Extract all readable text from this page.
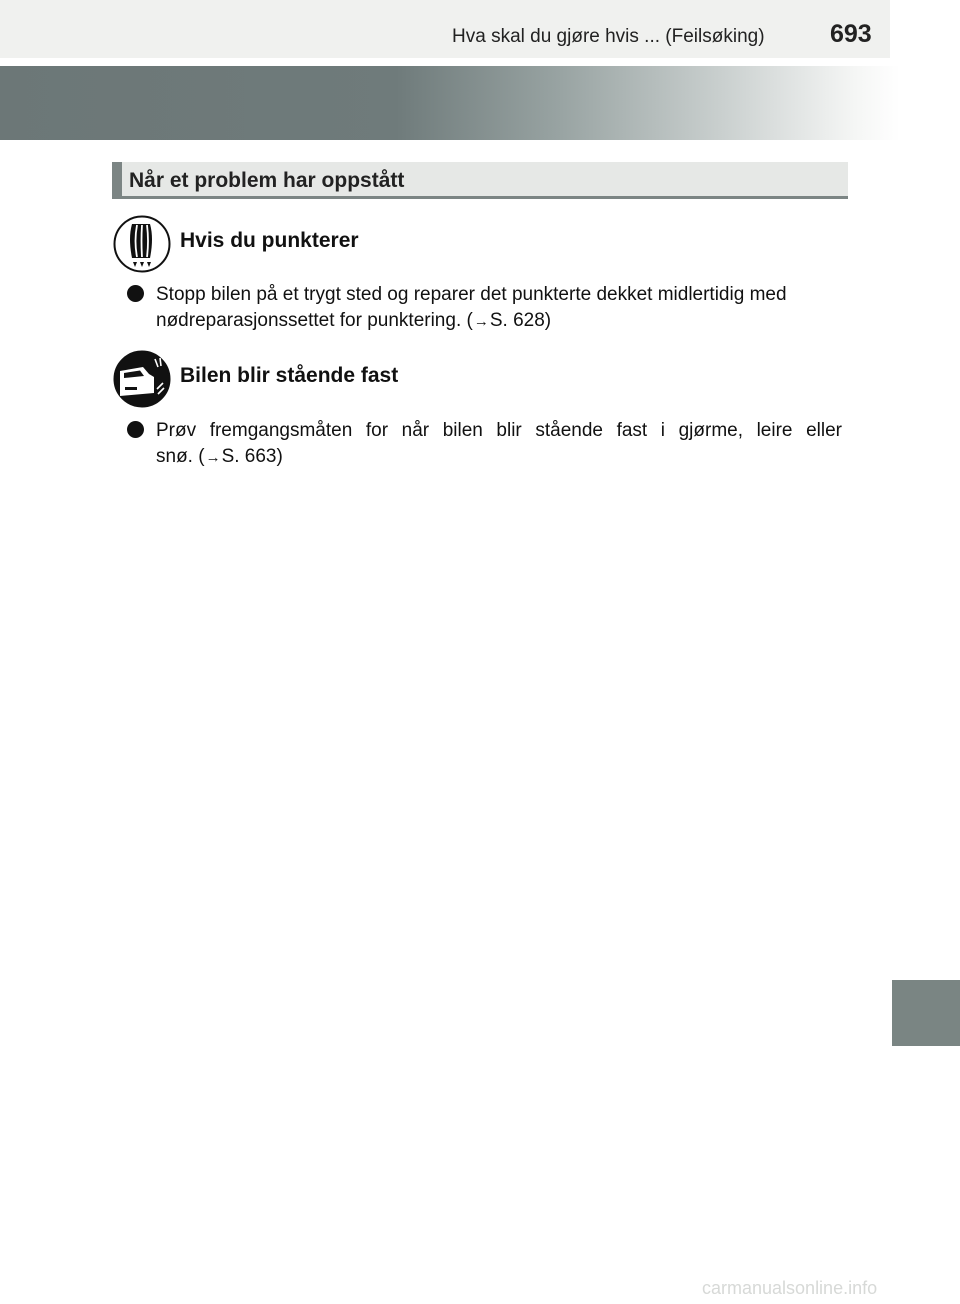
Hva skal du gjøre hvis ... (Feilsøking)	693
Når et problem har oppstått
Hvis du punkterer
Stopp bilen på et trygt sted og reparer det punkterte dekket midlertidig med
nødreparasjonssettet for punktering. (→S. 628)
Bilen blir stående fast
Prøv fremgangsmåten for når bilen blir stående fast i gjørme, leire eller
snø. (→S. 663)
carmanualsonline.info
